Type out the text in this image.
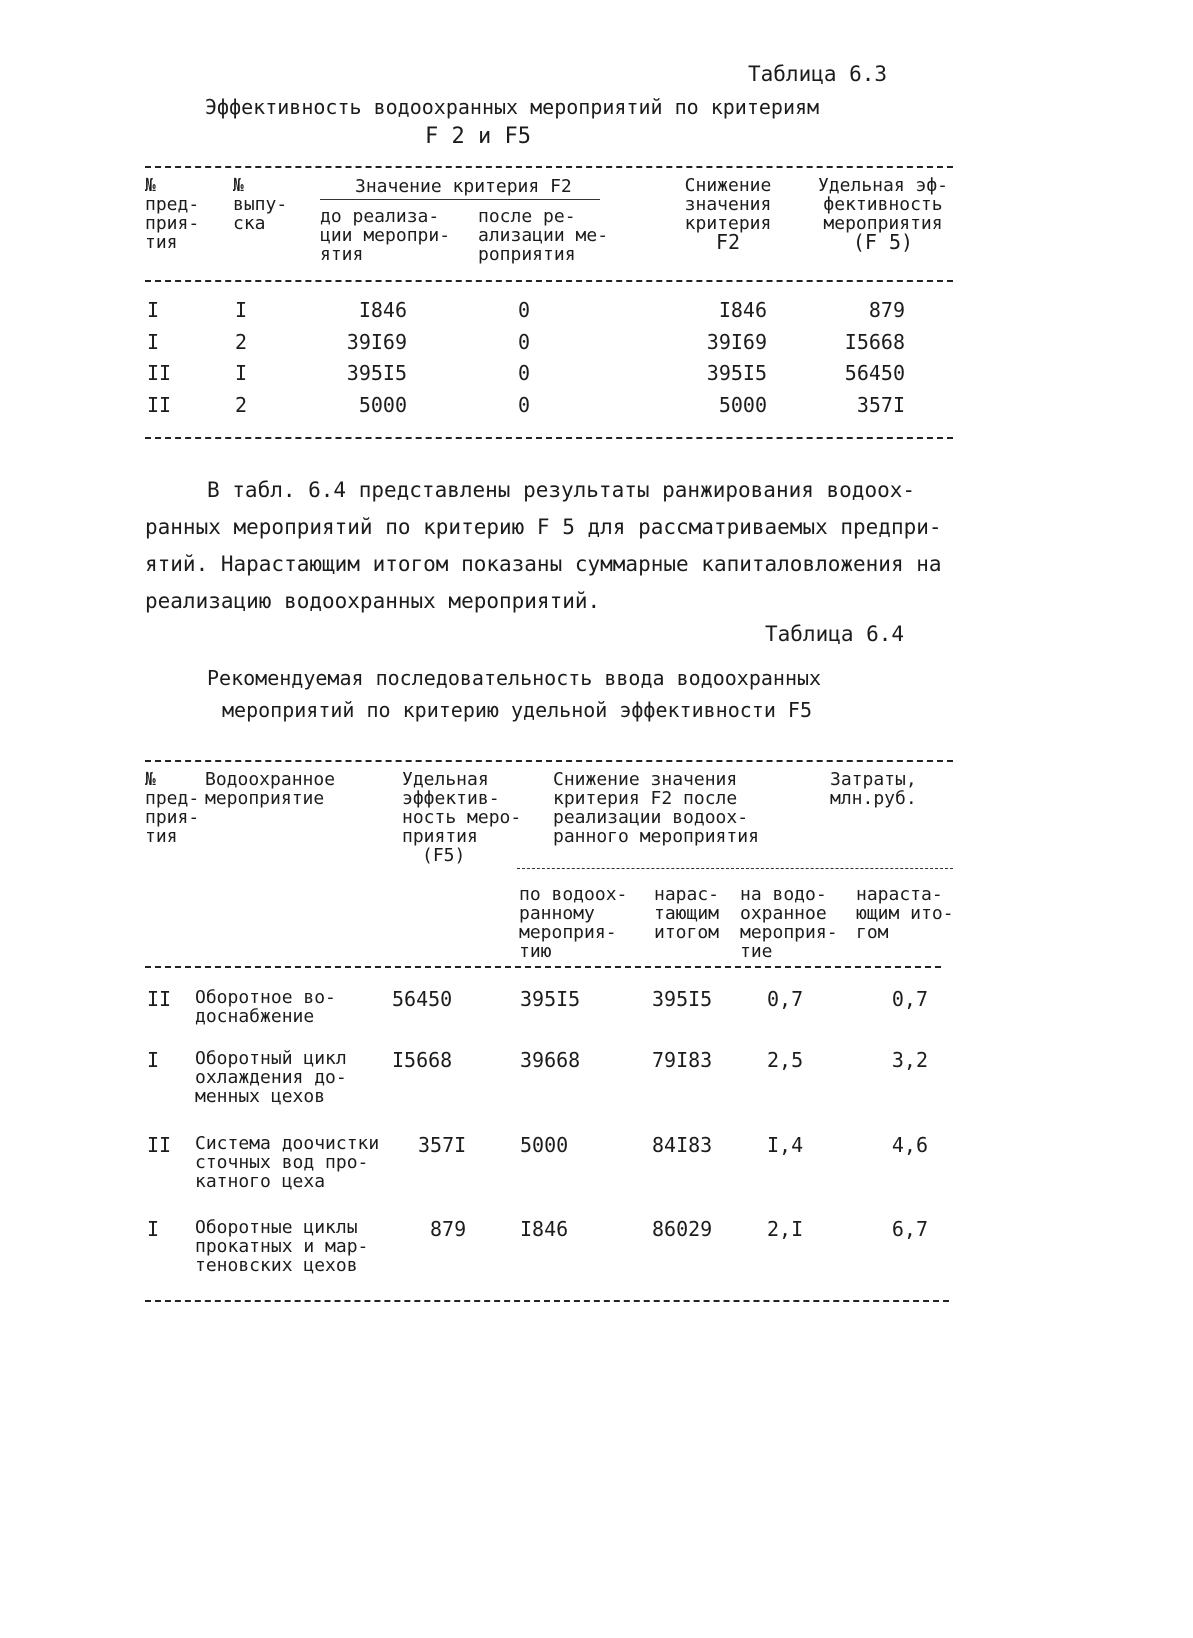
Таблица 6.3
Эффективность водоохранных мероприятий по критериям
F 2 и F5
№
пред-
прия-
тия
№
выпу-
ска
Значение критерия F2
до реализа-
ции меропри-
ятия
после ре-
ализации ме-
роприятия
Снижение
значения
критерия
F2
Удельная эф-
фективность
мероприятия
(F 5)
I	I	I846	0	I846	879
I	2	39I69	0	39I69	I5668
II	I	395I5	0	395I5	56450
II	2	5000	0	5000	357I
В табл. 6.4 представлены результаты ранжирования водоох-
ранных мероприятий по критерию F 5 для рассматриваемых предпри-
ятий. Нарастающим итогом показаны суммарные капиталовложения на
реализацию водоохранных мероприятий.
Таблица 6.4
Рекомендуемая последовательность ввода водоохранных
мероприятий по критерию удельной эффективности F5
№
пред-
прия-
тия
Водоохранное мероприятие
Удельная
эффектив-
ность меро-
приятия
(F5)
Снижение значения
критерия F2 после
реализации водоох-
ранного мероприятия
Затраты,
млн.руб.
по водоох-
ранному
мероприя-
тию
нарас-
тающим
итогом
на водо-
охранное
мероприя-
тие
нараста-
ющим ито-
гом
II Оборотное во-
доснабжение
56450	395I5	395I5	0,7	0,7
I Оборотный цикл
охлаждения до-
менных цехов
I5668	39668	79I83	2,5	3,2
II Система доочистки
сточных вод про-
катного цеха
357I	5000	84I83	I,4	4,6
I Оборотные циклы
прокатных и мар-
теновских цехов
879	I846	86029	2,I	6,7
